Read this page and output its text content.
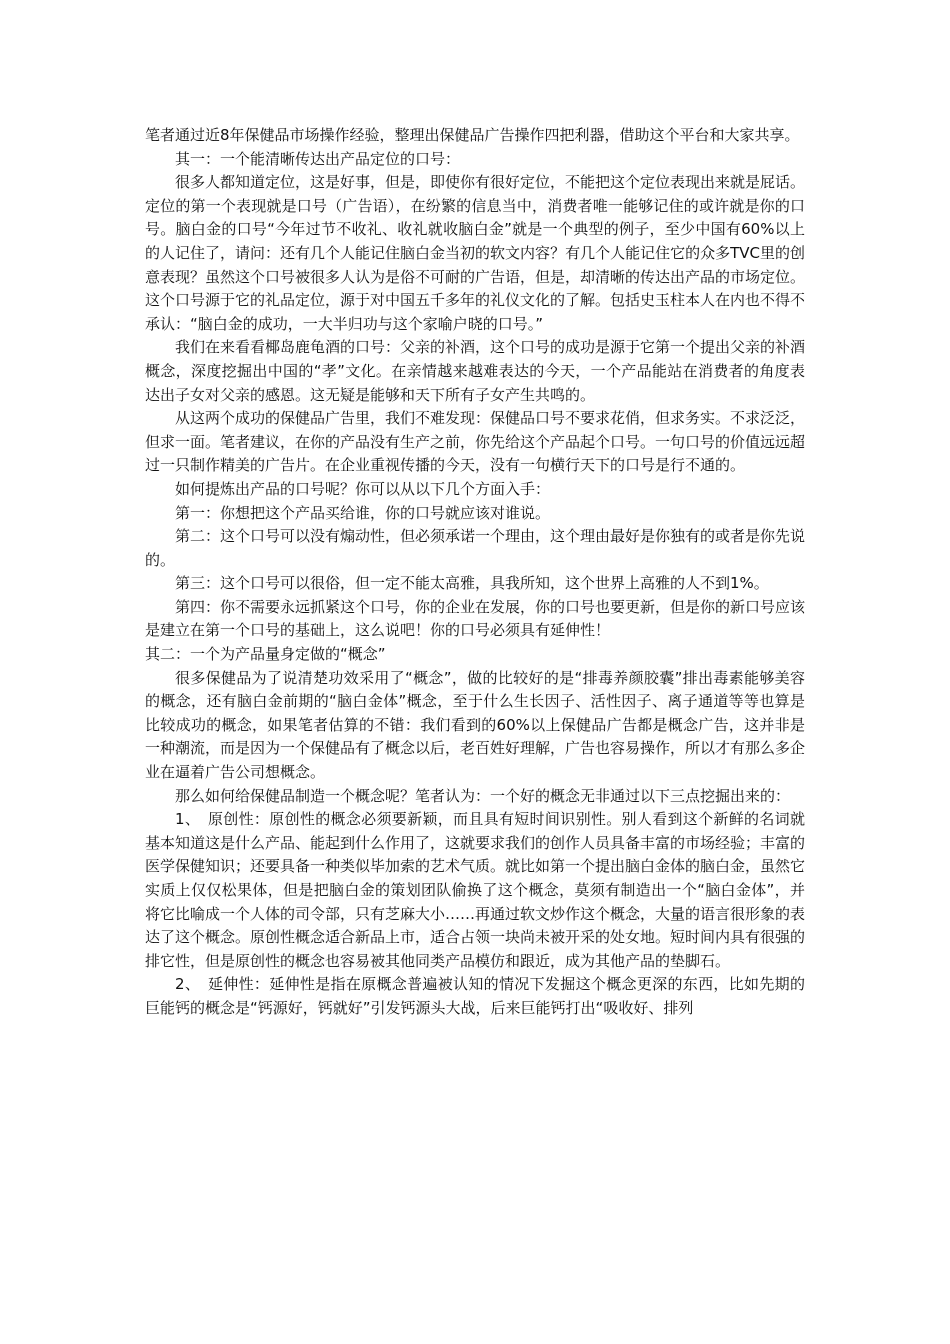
笔者通过近8年保健品市场操作经验，整理出保健品广告操作四把利器，借助这个平台和大家共享。

其一：一个能清晰传达出产品定位的口号：

很多人都知道定位，这是好事，但是，即使你有很好定位，不能把这个定位表现出来就是屁话。定位的第一个表现就是口号（广告语），在纷繁的信息当中，消费者唯一能够记住的或许就是你的口号。脑白金的口号“今年过节不收礼、收礼就收脑白金”就是一个典型的例子，至少中国有60%以上的人记住了，请问：还有几个人能记住脑白金当初的软文内容？有几个人能记住它的众多TVC里的创意表现？虽然这个口号被很多人认为是俗不可耐的广告语，但是，却清晰的传达出产品的市场定位。这个口号源于它的礼品定位，源于对中国五千多年的礼仪文化的了解。包括史玉柱本人在内也不得不承认：“脑白金的成功，一大半归功与这个家喻户晓的口号。”

我们在来看看椰岛鹿龟酒的口号：父亲的补酒，这个口号的成功是源于它第一个提出父亲的补酒概念，深度挖掘出中国的“孝”文化。在亲情越来越难表达的今天，一个产品能站在消费者的角度表达出子女对父亲的感恩。这无疑是能够和天下所有子女产生共鸣的。

从这两个成功的保健品广告里，我们不难发现：保健品口号不要求花俏，但求务实。不求泛泛，但求一面。笔者建议，在你的产品没有生产之前，你先给这个产品起个口号。一句口号的价值远远超过一只制作精美的广告片。在企业重视传播的今天，没有一句横行天下的口号是行不通的。

如何提炼出产品的口号呢？你可以从以下几个方面入手：

第一：你想把这个产品买给谁，你的口号就应该对谁说。

第二：这个口号可以没有煽动性，但必须承诺一个理由，这个理由最好是你独有的或者是你先说的。

第三：这个口号可以很俗，但一定不能太高雅，具我所知，这个世界上高雅的人不到1%。

第四：你不需要永远抓紧这个口号，你的企业在发展，你的口号也要更新，但是你的新口号应该是建立在第一个口号的基础上，这么说吧！你的口号必须具有延伸性！

其二：一个为产品量身定做的“概念”

很多保健品为了说清楚功效采用了“概念”，做的比较好的是“排毒养颜胶囊”排出毒素能够美容的概念，还有脑白金前期的“脑白金体”概念，至于什么生长因子、活性因子、离子通道等等也算是比较成功的概念，如果笔者估算的不错：我们看到的60%以上保健品广告都是概念广告，这并非是一种潮流，而是因为一个保健品有了概念以后，老百姓好理解，广告也容易操作，所以才有那么多企业在逼着广告公司想概念。

那么如何给保健品制造一个概念呢？笔者认为：一个好的概念无非通过以下三点挖掘出来的：

1、　原创性：原创性的概念必须要新颖，而且具有短时间识别性。别人看到这个新鲜的名词就基本知道这是什么产品、能起到什么作用了，这就要求我们的创作人员具备丰富的市场经验；丰富的医学保健知识；还要具备一种类似毕加索的艺术气质。就比如第一个提出脑白金体的脑白金，虽然它实质上仅仅松果体，但是把脑白金的策划团队偷换了这个概念，莫须有制造出一个“脑白金体”，并将它比喻成一个人体的司令部，只有芝麻大小……再通过软文炒作这个概念，大量的语言很形象的表达了这个概念。原创性概念适合新品上市，适合占领一块尚未被开采的处女地。短时间内具有很强的排它性，但是原创性的概念也容易被其他同类产品模仿和跟近，成为其他产品的垫脚石。

2、　延伸性：延伸性是指在原概念普遍被认知的情况下发掘这个概念更深的东西，比如先期的巨能钙的概念是“钙源好，钙就好”引发钙源头大战，后来巨能钙打出“吸收好、排列
